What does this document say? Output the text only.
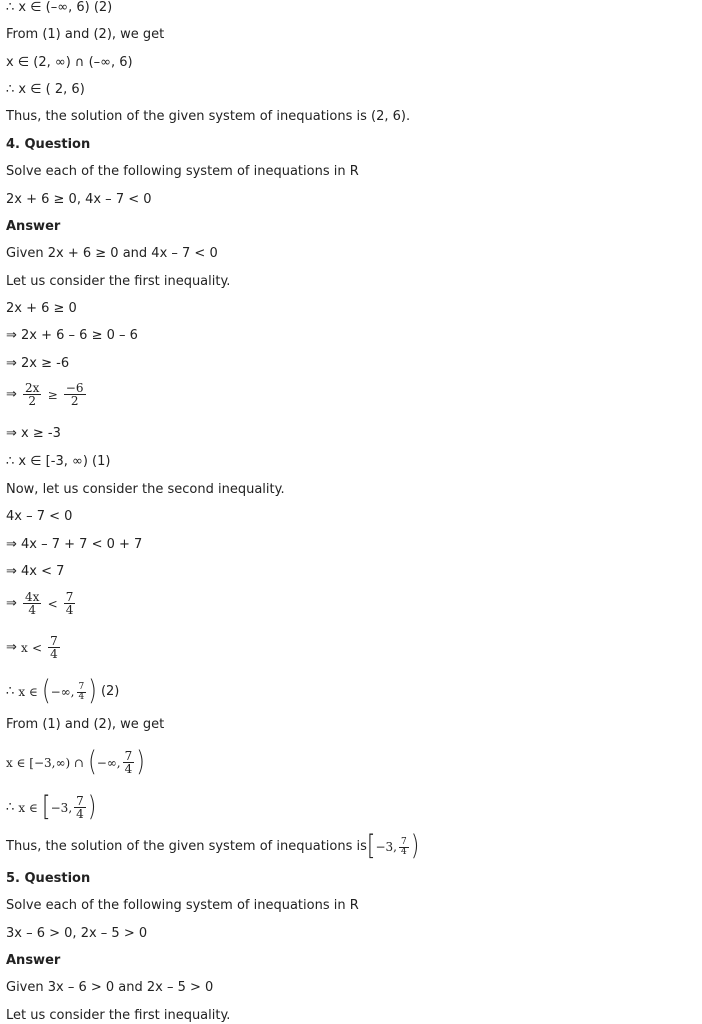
∴ x ∈ (–∞, 6) (2)
From (1) and (2), we get
x ∈ (2, ∞) ∩ (–∞, 6)
∴ x ∈ ( 2, 6)
Thus, the solution of the given system of inequations is (2, 6).
4. Question
Solve each of the following system of inequations in R
2x + 6 ≥ 0, 4x – 7 < 0
Answer
Given 2x + 6 ≥ 0 and 4x – 7 < 0
Let us consider the first inequality.
2x + 6 ≥ 0
⇒ 2x + 6 – 6 ≥ 0 – 6
⇒ 2x ≥ -6
⇒ $\frac{2x}{2} \ge \frac{-6}{2}$
⇒ x ≥ -3
∴ x ∈ [-3, ∞) (1)
Now, let us consider the second inequality.
4x – 7 < 0
⇒ 4x – 7 + 7 < 0 + 7
⇒ 4x < 7
⇒ $\frac{4x}{4} < \frac{7}{4}$
⇒ $x < \frac{7}{4}$
∴ x ∈ (−∞, $\frac{7}{4}$ ) (2)
From (1) and (2), we get
x ∈ [−3,∞) ∩ (−∞, $\frac{7}{4}$ )
∴ x ∈ [−3, $\frac{7}{4}$ )
Thus, the solution of the given system of inequations is[−3, $\frac{7}{4}$ )
5. Question
Solve each of the following system of inequations in R
3x – 6 > 0, 2x – 5 > 0
Answer
Given 3x – 6 > 0 and 2x – 5 > 0
Let us consider the first inequality.
